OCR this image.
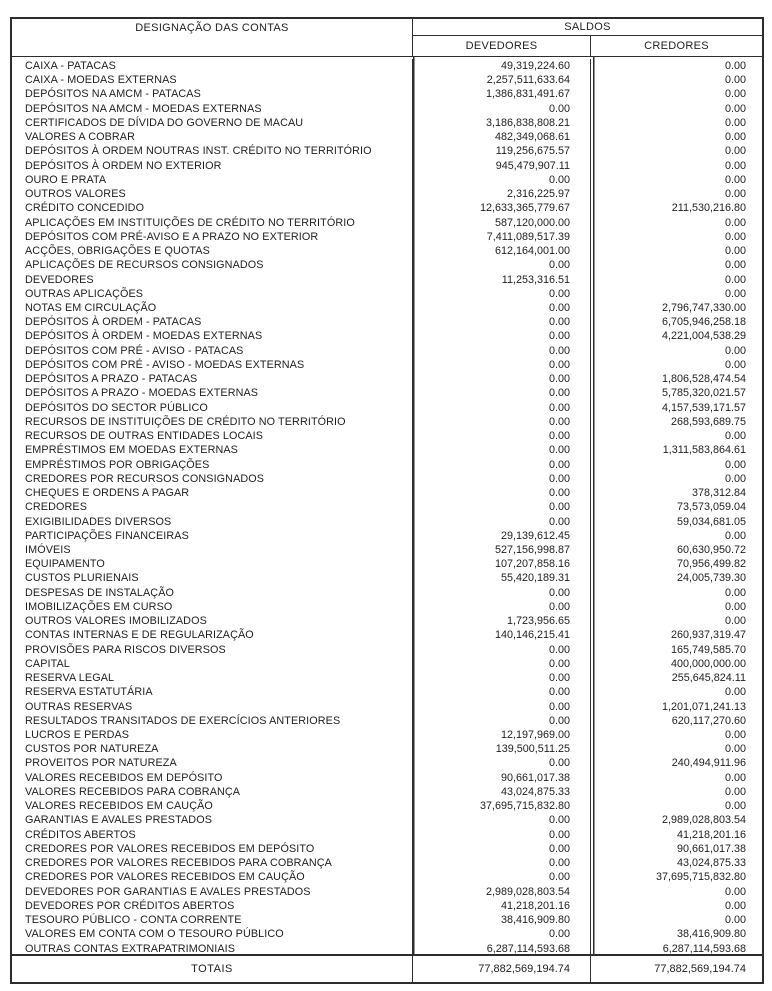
DESIGNAÇÃO DAS CONTAS	SALDOS
DEVEDORES	CREDORES
CAIXA - PATACAS	49,319,224.60	0.00
CAIXA - MOEDAS EXTERNAS	2,257,511,633.64	0.00
DEPÓSITOS NA AMCM - PATACAS	1,386,831,491.67	0.00
DEPÓSITOS NA AMCM - MOEDAS EXTERNAS	0.00	0.00
CERTIFICADOS DE DÍVIDA DO GOVERNO DE MACAU	3,186,838,808.21	0.00
VALORES A COBRAR	482,349,068.61	0.00
DEPÓSITOS À ORDEM NOUTRAS INST. CRÉDITO NO TERRITÓRIO	119,256,675.57	0.00
DEPÓSITOS À ORDEM NO EXTERIOR	945,479,907.11	0.00
OURO E PRATA	0.00	0.00
OUTROS VALORES	2,316,225.97	0.00
CRÉDITO CONCEDIDO	12,633,365,779.67	211,530,216.80
APLICAÇÕES EM INSTITUIÇÕES DE CRÉDITO NO TERRITÓRIO	587,120,000.00	0.00
DEPÓSITOS COM PRÉ-AVISO E A PRAZO NO EXTERIOR	7,411,089,517.39	0.00
ACÇÕES, OBRIGAÇÕES E QUOTAS	612,164,001.00	0.00
APLICAÇÕES DE RECURSOS CONSIGNADOS	0.00	0.00
DEVEDORES	11,253,316.51	0.00
OUTRAS APLICAÇÕES	0.00	0.00
NOTAS EM CIRCULAÇÃO	0.00	2,796,747,330.00
DEPÓSITOS À ORDEM - PATACAS	0.00	6,705,946,258.18
DEPÓSITOS À ORDEM - MOEDAS EXTERNAS	0.00	4,221,004,538.29
DEPÓSITOS COM PRÉ - AVISO - PATACAS	0.00	0.00
DEPÓSITOS COM PRÉ - AVISO - MOEDAS EXTERNAS	0.00	0.00
DEPÓSITOS A PRAZO - PATACAS	0.00	1,806,528,474.54
DEPÓSITOS A PRAZO - MOEDAS EXTERNAS	0.00	5,785,320,021.57
DEPÓSITOS DO SECTOR PÚBLICO	0.00	4,157,539,171.57
RECURSOS DE INSTITUIÇÕES DE CRÉDITO NO TERRITÓRIO	0.00	268,593,689.75
RECURSOS DE OUTRAS ENTIDADES LOCAIS	0.00	0.00
EMPRÉSTIMOS EM MOEDAS EXTERNAS	0.00	1,311,583,864.61
EMPRÉSTIMOS POR OBRIGAÇÕES	0.00	0.00
CREDORES POR RECURSOS CONSIGNADOS	0.00	0.00
CHEQUES E ORDENS A PAGAR	0.00	378,312.84
CREDORES	0.00	73,573,059.04
EXIGIBILIDADES DIVERSOS	0.00	59,034,681.05
PARTICIPAÇÕES FINANCEIRAS	29,139,612.45	0.00
IMÓVEIS	527,156,998.87	60,630,950.72
EQUIPAMENTO	107,207,858.16	70,956,499.82
CUSTOS PLURIENAIS	55,420,189.31	24,005,739.30
DESPESAS DE INSTALAÇÃO	0.00	0.00
IMOBILIZAÇÕES EM CURSO	0.00	0.00
OUTROS VALORES IMOBILIZADOS	1,723,956.65	0.00
CONTAS INTERNAS E DE REGULARIZAÇÃO	140,146,215.41	260,937,319.47
PROVISÕES PARA RISCOS DIVERSOS	0.00	165,749,585.70
CAPITAL	0.00	400,000,000.00
RESERVA LEGAL	0.00	255,645,824.11
RESERVA ESTATUTÁRIA	0.00	0.00
OUTRAS RESERVAS	0.00	1,201,071,241.13
RESULTADOS TRANSITADOS DE EXERCÍCIOS ANTERIORES	0.00	620,117,270.60
LUCROS E PERDAS	12,197,969.00	0.00
CUSTOS POR NATUREZA	139,500,511.25	0.00
PROVEITOS POR NATUREZA	0.00	240,494,911.96
VALORES RECEBIDOS EM DEPÓSITO	90,661,017.38	0.00
VALORES RECEBIDOS PARA COBRANÇA	43,024,875.33	0.00
VALORES RECEBIDOS EM CAUÇÃO	37,695,715,832.80	0.00
GARANTIAS E AVALES PRESTADOS	0.00	2,989,028,803.54
CRÉDITOS ABERTOS	0.00	41,218,201.16
CREDORES POR VALORES RECEBIDOS EM DEPÓSITO	0.00	90,661,017.38
CREDORES POR VALORES RECEBIDOS PARA COBRANÇA	0.00	43,024,875.33
CREDORES POR VALORES RECEBIDOS EM CAUÇÃO	0.00	37,695,715,832.80
DEVEDORES POR GARANTIAS E AVALES PRESTADOS	2,989,028,803.54	0.00
DEVEDORES POR CRÉDITOS ABERTOS	41,218,201.16	0.00
TESOURO PÚBLICO - CONTA CORRENTE	38,416,909.80	0.00
VALORES EM CONTA COM O TESOURO PÚBLICO	0.00	38,416,909.80
OUTRAS CONTAS EXTRAPATRIMONIAIS	6,287,114,593.68	6,287,114,593.68
TOTAIS	77,882,569,194.74	77,882,569,194.74
